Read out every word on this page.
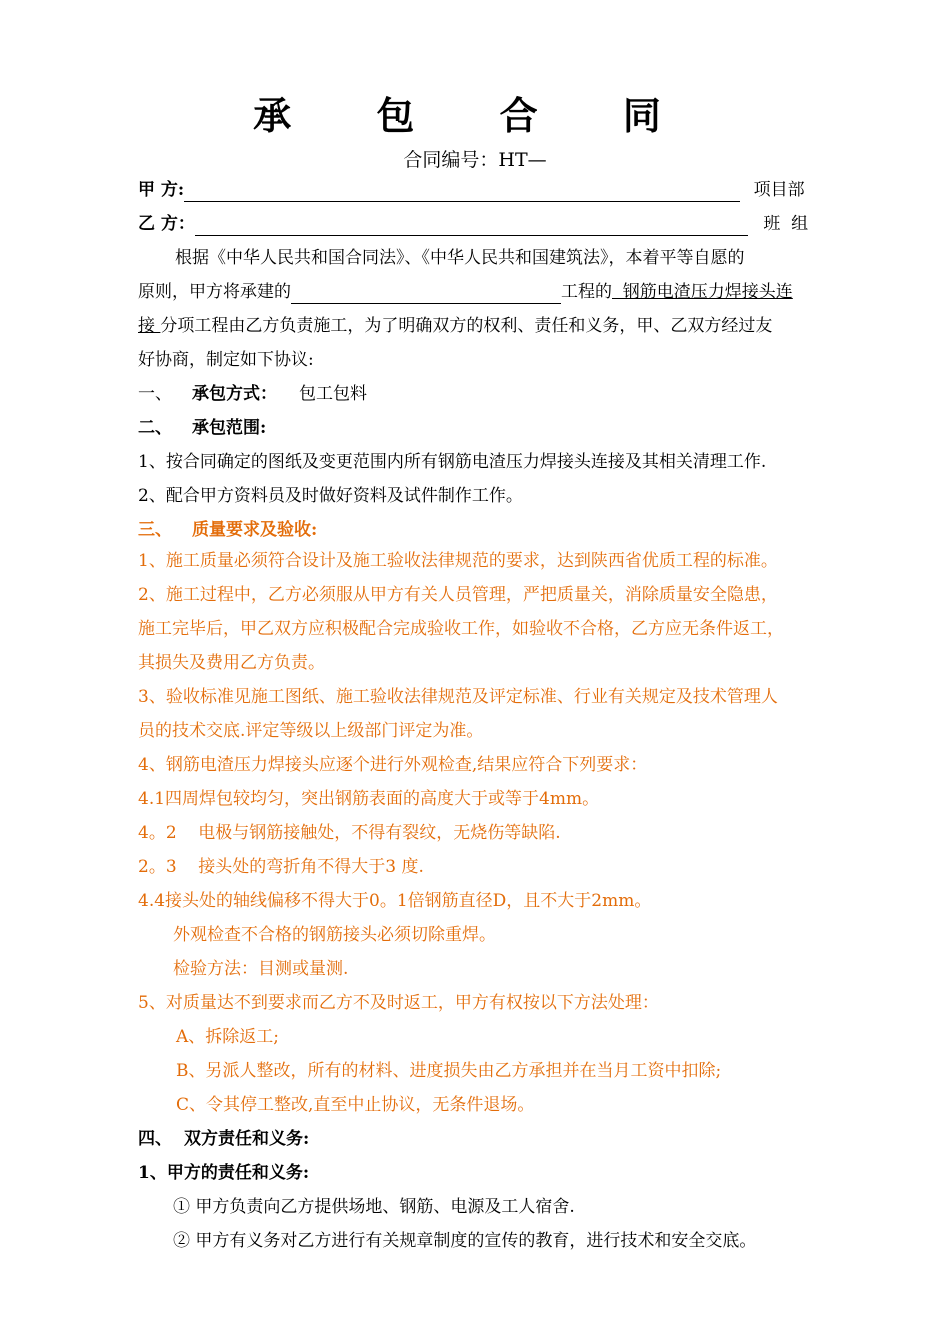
承 包 合 同
合同编号：HT—
甲 方:	项目部
乙 方：	班  组
根据《中华人民共和国合同法》、《中华人民共和国建筑法》，本着平等自愿的
原则，甲方将承建的	工程的  钢筋电渣压力焊接头连
接 分项工程由乙方负责施工，为了明确双方的权利、责任和义务，甲、乙双方经过友
好协商，制定如下协议:
一、 承包方式： 包工包料
二、 承包范围:
1、按合同确定的图纸及变更范围内所有钢筋电渣压力焊接头连接及其相关清理工作.
2、配合甲方资料员及时做好资料及试件制作工作。
三、 质量要求及验收:
1、施工质量必须符合设计及施工验收法律规范的要求，达到陕西省优质工程的标准。
2、施工过程中，乙方必须服从甲方有关人员管理，严把质量关，消除质量安全隐患，
施工完毕后，甲乙双方应积极配合完成验收工作，如验收不合格，乙方应无条件返工，
其损失及费用乙方负责。
3、验收标准见施工图纸、施工验收法律规范及评定标准、行业有关规定及技术管理人
员的技术交底.评定等级以上级部门评定为准。
4、钢筋电渣压力焊接头应逐个进行外观检查,结果应符合下列要求：
4.1四周焊包较均匀，突出钢筋表面的高度大于或等于4mm。
4。2    电极与钢筋接触处，不得有裂纹，无烧伤等缺陷.
2。3    接头处的弯折角不得大于3 度.
4.4接头处的轴线偏移不得大于0。1倍钢筋直径D，且不大于2mm。
外观检查不合格的钢筋接头必须切除重焊。
检验方法：目测或量测.
5、对质量达不到要求而乙方不及时返工，甲方有权按以下方法处理：
A、拆除返工;
B、另派人整改，所有的材料、进度损失由乙方承担并在当月工资中扣除;
C、令其停工整改,直至中止协议，无条件退场。
四、 双方责任和义务:
1、甲方的责任和义务:
① 甲方负责向乙方提供场地、钢筋、电源及工人宿舍.
② 甲方有义务对乙方进行有关规章制度的宣传的教育，进行技术和安全交底。
